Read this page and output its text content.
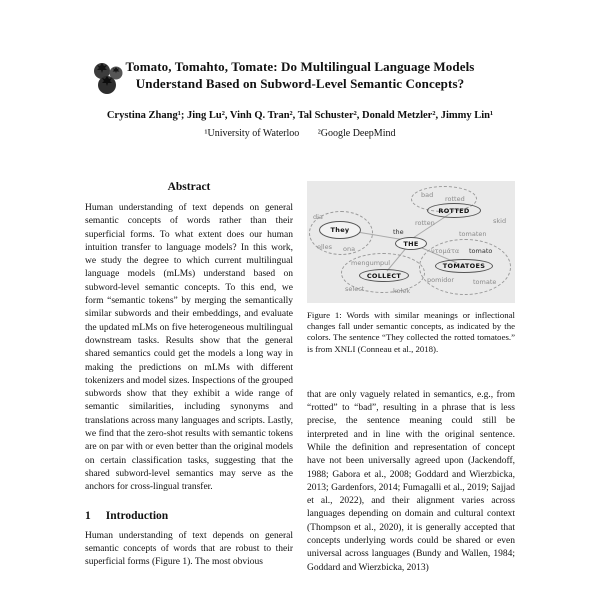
Tomato, Tomahto, Tomate: Do Multilingual Language Models
Understand Based on Subword-Level Semantic Concepts?
Crystina Zhang¹; Jing Lu², Vinh Q. Tran², Tal Schuster², Donald Metzler², Jimmy Lin¹
¹University of Waterloo ²Google DeepMind
Abstract

Human understanding of text depends on general semantic concepts of words rather than their superficial forms. To what extent does our human intuition transfer to language models? In this work, we study the degree to which current multilingual language models (mLMs) understand based on subword-level semantic concepts. To this end, we form “semantic tokens” by merging the semantically similar subwords and their embeddings, and evaluate the updated mLMs on five heterogeneous multilingual downstream tasks. Results show that the general shared semantics could get the models a long way in making the predictions on mLMs with different tokenizers and model sizes. Inspections of the grouped subwords show that they exhibit a wide range of semantic similarities, including synonyms and translations across many languages and scripts. Lastly, we find that the zero-shot results with semantic tokens are on par with or even better than the original models on certain classification tasks, suggesting that the shared subword-level semantics may serve as the anchors for cross-lingual transfer.

1 Introduction

Human understanding of text depends on general semantic concepts of words that are robust to their superficial forms (Figure 1). The most obvious

bad rotted
ROTTED
rotten	skid
dia
They
elles ona
the
THE
tomaten
ντομάτα tomato
TOMATOES
pomidor	tomate
mengumpul
COLLECT
select	kolek

Figure 1: Words with similar meanings or inflectional changes fall under semantic concepts, as indicated by the colors. The sentence “They collected the rotted tomatoes.” is from XNLI (Conneau et al., 2018).

that are only vaguely related in semantics, e.g., from “rotted” to “bad”, resulting in a phrase that is less precise, the sentence meaning could still be interpreted and in line with the original sentence. While the definition and representation of concept have not been universally agreed upon (Jackendoff, 1988; Gabora et al., 2008; Goddard and Wierzbicka, 2013; Gardenfors, 2014; Fumagalli et al., 2019; Sajjad et al., 2022), and their alignment varies across languages depending on domain and cultural context (Thompson et al., 2020), it is generally accepted that concepts underlying words could be shared or even universal across languages (Bundy and Wallen, 1984; Goddard and Wierzbicka, 2013)
